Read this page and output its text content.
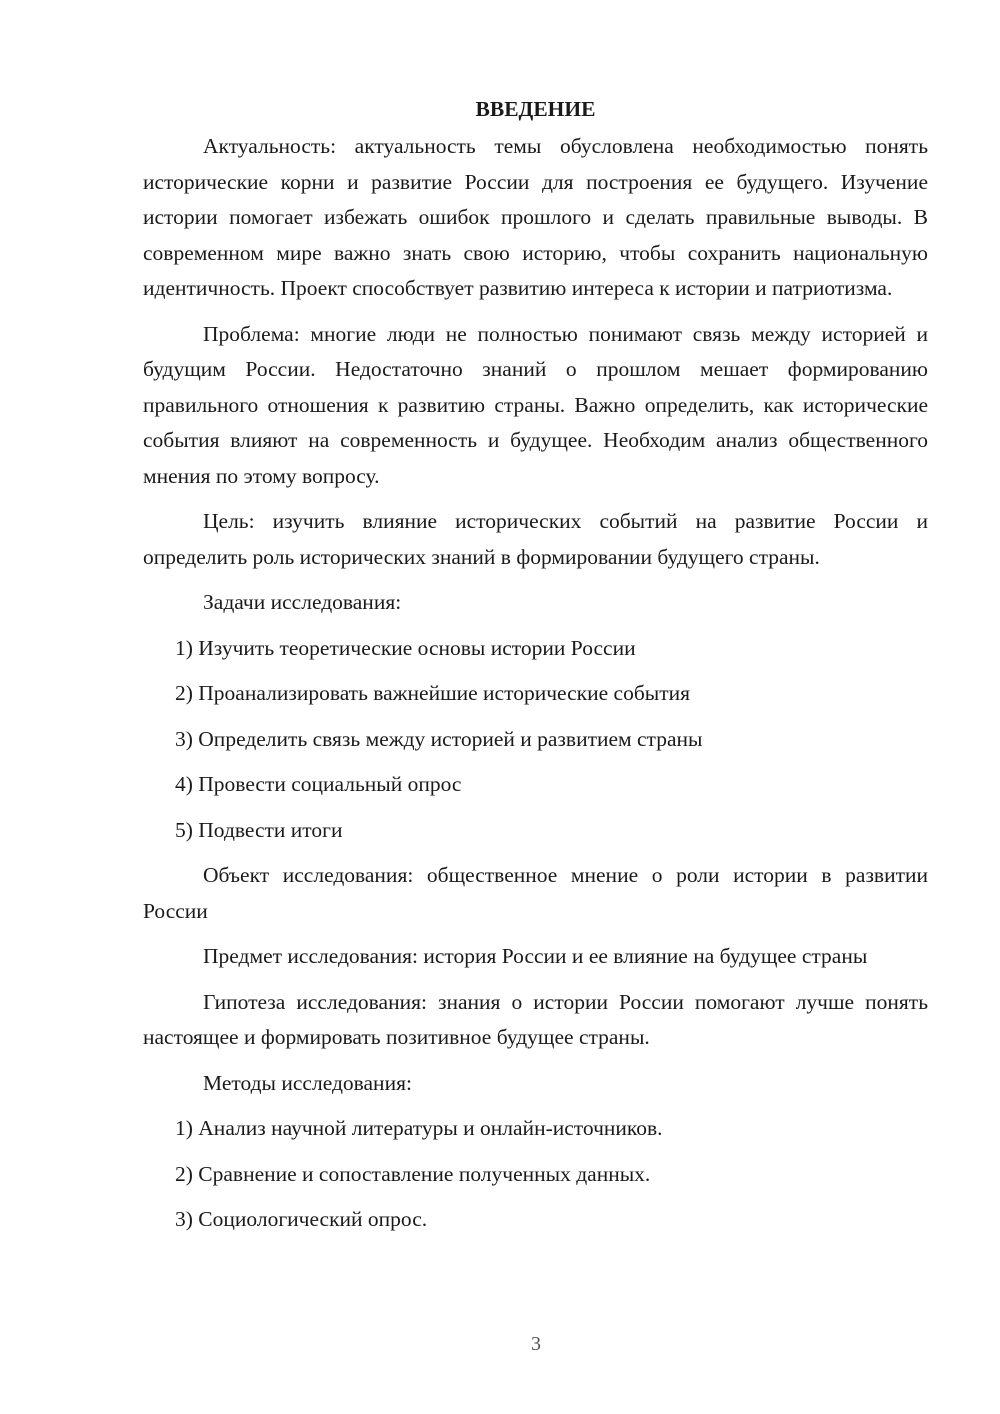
ВВЕДЕНИЕ

Актуальность: актуальность темы обусловлена необходимостью понять исторические корни и развитие России для построения ее будущего. Изучение истории помогает избежать ошибок прошлого и сделать правильные выводы. В современном мире важно знать свою историю, чтобы сохранить национальную идентичность. Проект способствует развитию интереса к истории и патриотизма.

Проблема: многие люди не полностью понимают связь между историей и будущим России. Недостаточно знаний о прошлом мешает формированию правильного отношения к развитию страны. Важно определить, как исторические события влияют на современность и будущее. Необходим анализ общественного мнения по этому вопросу.

Цель: изучить влияние исторических событий на развитие России и определить роль исторических знаний в формировании будущего страны.

Задачи исследования:

1) Изучить теоретические основы истории России

2) Проанализировать важнейшие исторические события

3) Определить связь между историей и развитием страны

4) Провести социальный опрос

5) Подвести итоги

Объект исследования: общественное мнение о роли истории в развитии России

Предмет исследования: история России и ее влияние на будущее страны

Гипотеза исследования: знания о истории России помогают лучше понять настоящее и формировать позитивное будущее страны.

Методы исследования:

1) Анализ научной литературы и онлайн-источников.

2) Сравнение и сопоставление полученных данных.

3) Социологический опрос.

3
